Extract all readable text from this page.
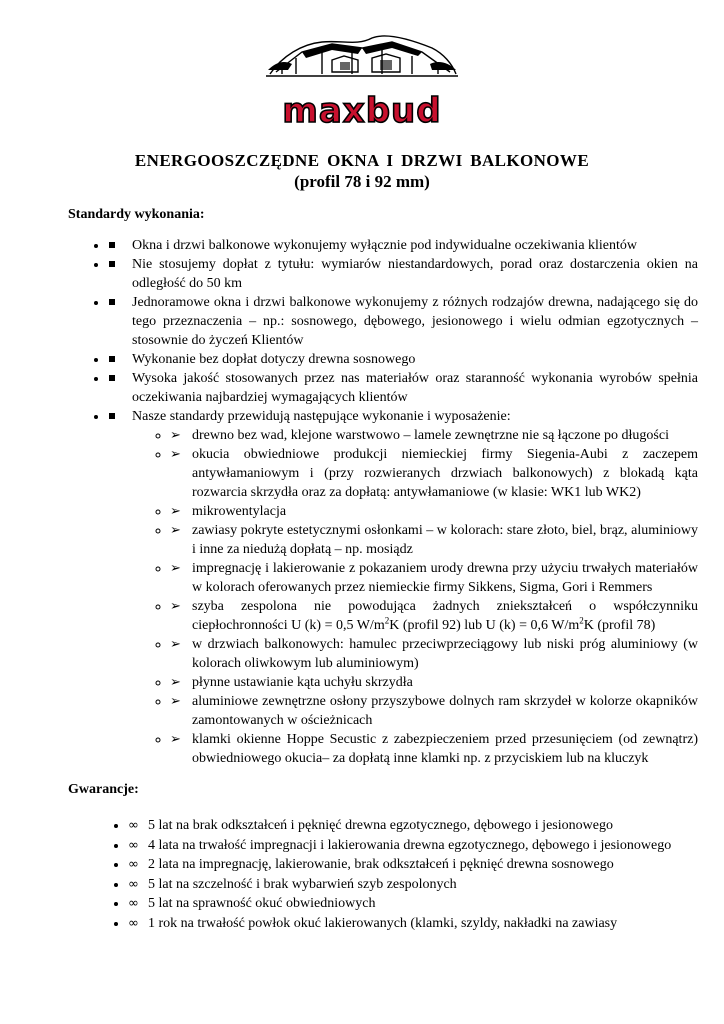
maxbud
ENERGOOSZCZĘDNE OKNA I DRZWI BALKONOWE
(profil 78 i 92 mm)
Standardy wykonania:
• Okna i drzwi balkonowe wykonujemy wyłącznie pod indywidualne oczekiwania klientów
• Nie stosujemy dopłat z tytułu: wymiarów niestandardowych, porad oraz dostarczenia okien na odległość do 50 km
• Jednoramowe okna i drzwi balkonowe wykonujemy z różnych rodzajów drewna, nadającego się do tego przeznaczenia – np.: sosnowego, dębowego, jesionowego i wielu odmian egzotycznych – stosownie do życzeń Klientów
• Wykonanie bez dopłat dotyczy drewna sosnowego
• Wysoka jakość stosowanych przez nas materiałów oraz staranność wykonania wyrobów spełnia oczekiwania najbardziej wymagających klientów
• Nasze standardy przewidują następujące wykonanie i wyposażenie:
◦ ➢ drewno bez wad, klejone warstwowo – lamele zewnętrzne nie są łączone po długości
◦ ➢ okucia obwiedniowe produkcji niemieckiej firmy Siegenia-Aubi z zaczepem antywłamaniowym i (przy rozwieranych drzwiach balkonowych) z blokadą kąta rozwarcia skrzydła oraz za dopłatą: antywłamaniowe (w klasie: WK1 lub WK2)
◦ ➢ mikrowentylacja
◦ ➢ zawiasy pokryte estetycznymi osłonkami – w kolorach: stare złoto, biel, brąz, aluminiowy i inne za niedużą dopłatą – np. mosiądz
◦ ➢ impregnację i lakierowanie z pokazaniem urody drewna przy użyciu trwałych materiałów w kolorach oferowanych przez niemieckie firmy Sikkens, Sigma, Gori i Remmers
◦ ➢ szyba zespolona nie powodująca żadnych zniekształceń o współczynniku ciepłochronności U (k) = 0,5 $W/m^2K$ (profil 92) lub U (k) = 0,6 $W/m^2K$ (profil 78)
◦ ➢ w drzwiach balkonowych: hamulec przeciwprzeciągowy lub niski próg aluminiowy (w kolorach oliwkowym lub aluminiowym)
◦ ➢ płynne ustawianie kąta uchyłu skrzydła
◦ ➢ aluminiowe zewnętrzne osłony przyszybowe dolnych ram skrzydeł w kolorze okapników zamontowanych w ościeżnicach
◦ ➢ klamki okienne Hoppe Secustic z zabezpieczeniem przed przesunięciem (od zewnątrz) obwiedniowego okucia– za dopłatą inne klamki np. z przyciskiem lub na kluczyk
Gwarancje:
• ∞ 5 lat na brak odkształceń i pęknięć drewna egzotycznego, dębowego i jesionowego
• ∞ 4 lata na trwałość impregnacji i lakierowania drewna egzotycznego, dębowego i jesionowego
• ∞ 2 lata na impregnację, lakierowanie, brak odkształceń i pęknięć drewna sosnowego
• ∞ 5 lat na szczelność i brak wybarwień szyb zespolonych
• ∞ 5 lat na sprawność okuć obwiedniowych
• ∞ 1 rok na trwałość powłok okuć lakierowanych (klamki, szyldy, nakładki na zawiasy
